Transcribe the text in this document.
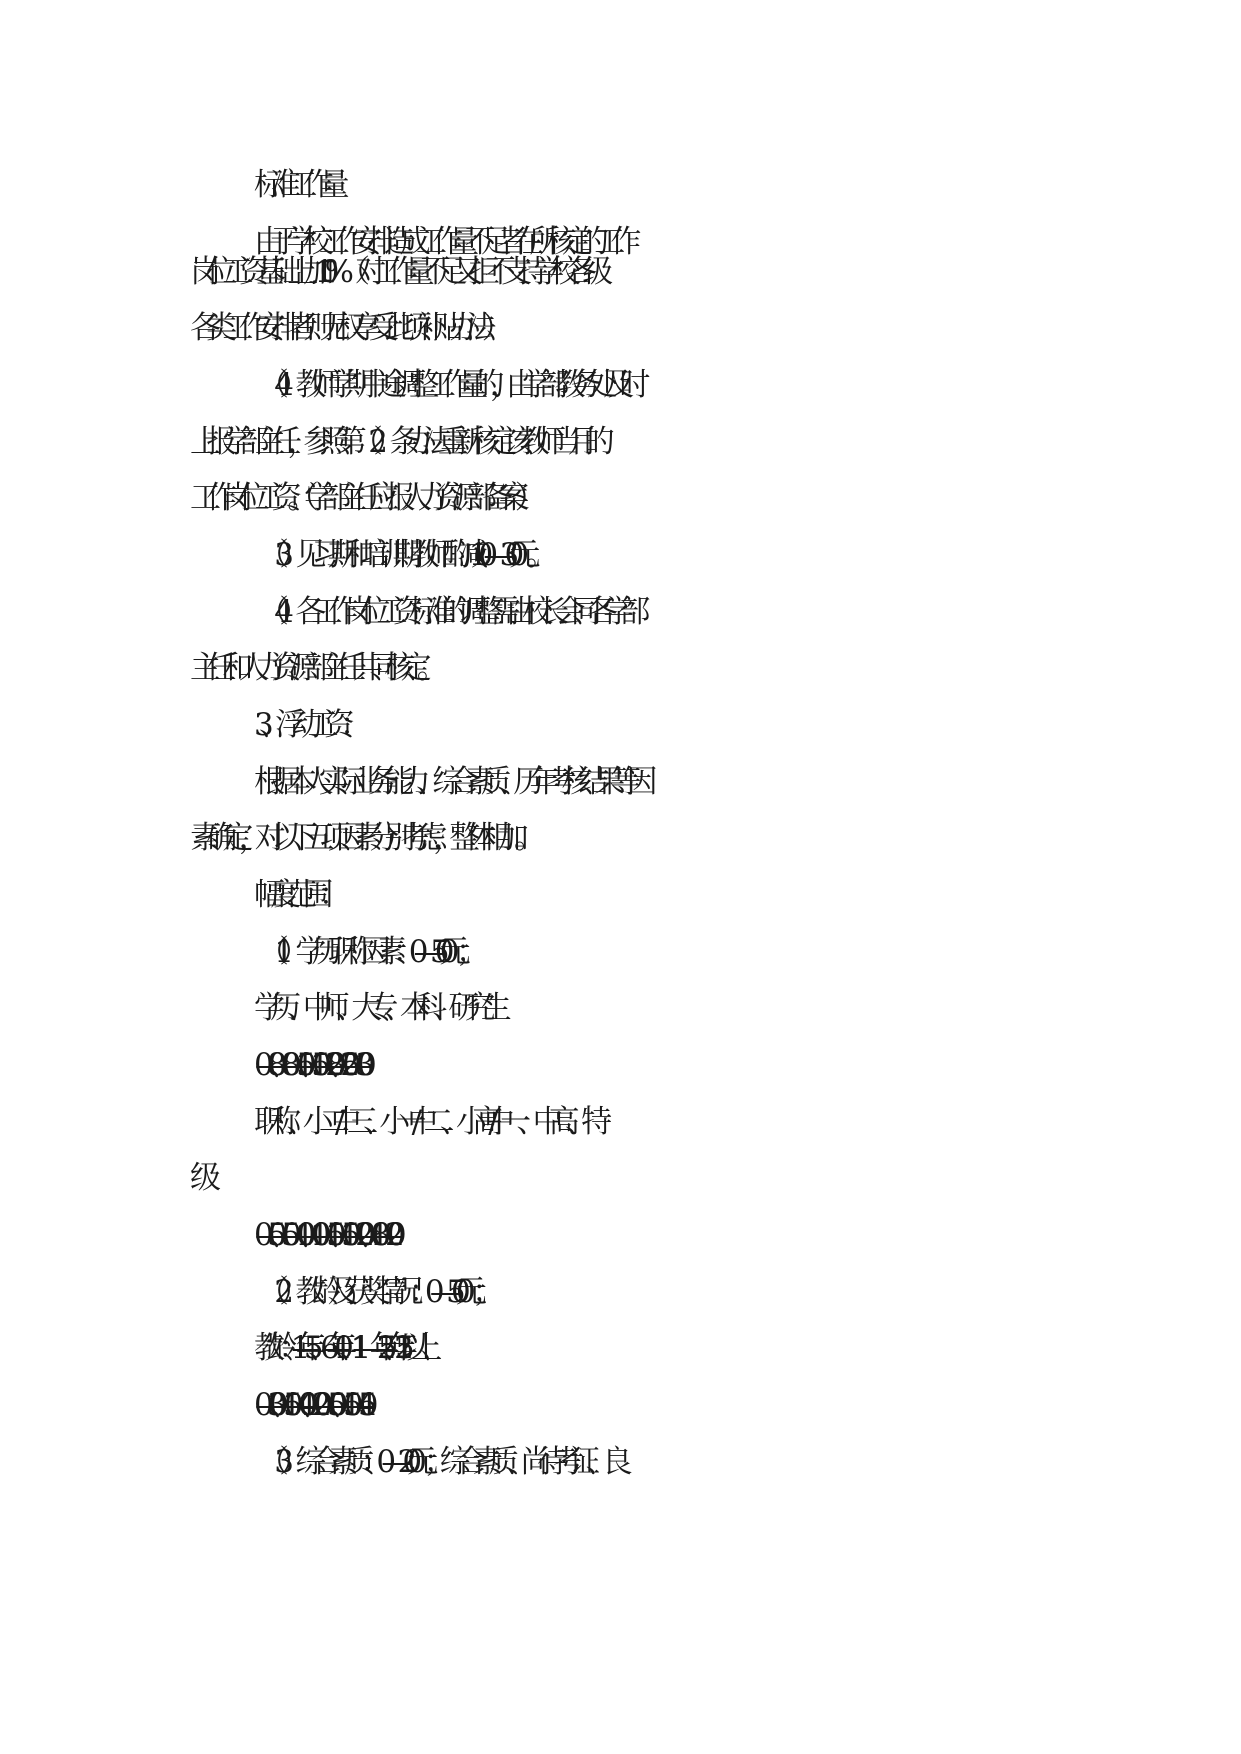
标准工作量
由于学校工作安排造成工作量不足者在所核定的工作
岗位工资基础上加 10%（对工作量不足又拒不支持学校各级
各类工作安排者则无权享受此项补贴办法）
（4）教师学期中途调整工作量的，由学部教务处及时
上报学部主任，参照第（2）条办法重新核定该教师当月的
工作岗位工资。（学部主任应报人力资源部备案）
（3）见习期和培训期教师酌减 100—300 元。
（4）各工作岗位工资标准的调整需由校长会同各学部
主任和人力资源部主任共同核定。
3、浮动工资：
根据本人实际业务能力、综合素质、历年考核结果等因
素确定，对以下五项因素分别考虑，整体相加。
幅度范围：
（1）学历职称因素：0—500 元；
学历、中师、大专、本科、研究生
0—80、80—150、150—280、250—300
职称、小二/中三、小一/中二、小高/中一、中高、特
级
0—50、50—100、100—150、150—200、180—200
（2）教龄及获奖情况：0—500 元；
教龄：1—5 年、6—10 年、11——25 年、25 年以上
0—300、150—400、200—500、150—450
（3）综合素质：0—200 元；综合素质、尚待考证、良
